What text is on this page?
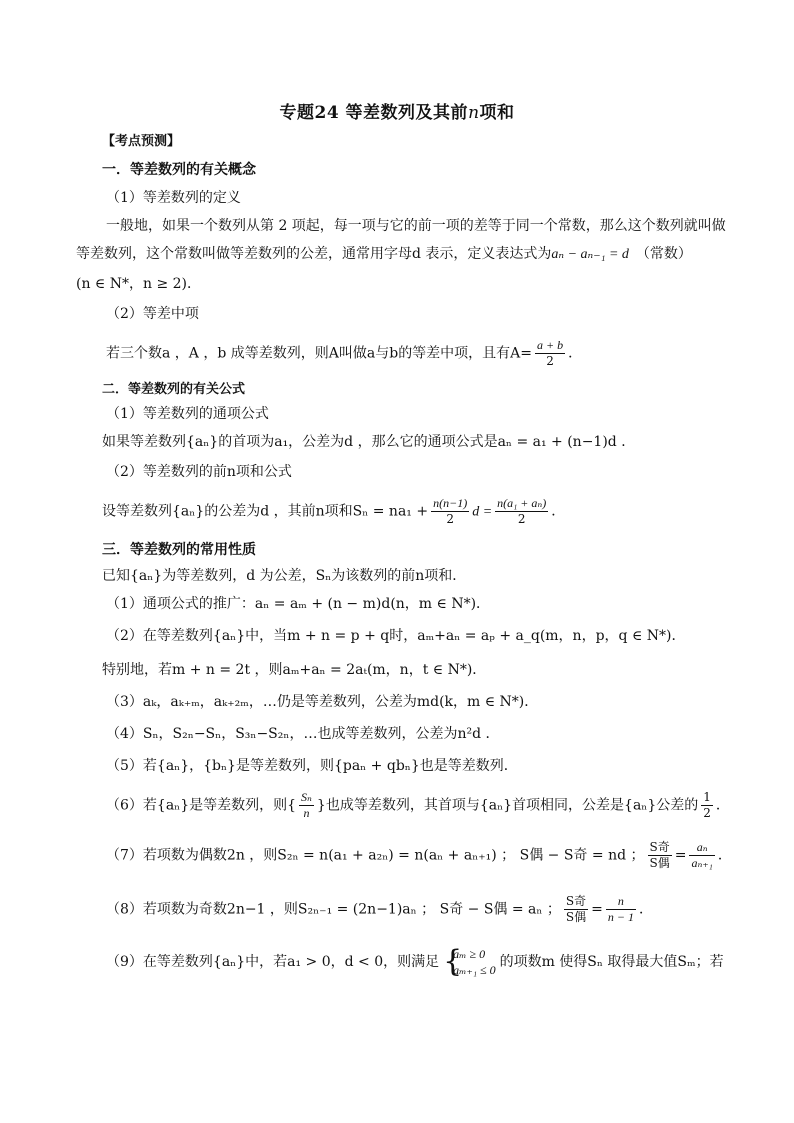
专题24 等差数列及其前n项和
【考点预测】
一．等差数列的有关概念
（1）等差数列的定义
一般地，如果一个数列从第 2 项起，每一项与它的前一项的差等于同一个常数，那么这个数列就叫做
等差数列，这个常数叫做等差数列的公差，通常用字母d 表示，定义表达式为aₙ − aₙ₋₁ = d　 （常数）
(n ∈ N*，n ≥ 2)．
（2）等差中项
若三个数a ，A ，b 成等差数列，则A叫做a与b的等差中项，且有$A= \frac{a + b}{2}$ ．
二．等差数列的有关公式
（1）等差数列的通项公式
如果等差数列{aₙ}的首项为a₁，公差为d ，那么它的通项公式是aₙ = a₁ + (n−1)d ．
（2）等差数列的前n项和公式
设等差数列{aₙ}的公差为d ，其前n项和$S_n = na_1 + \frac{n(n-1)}{2}$ $d = \frac{\text{n(a₁ + aₙ)}}{2}$ ．
三．等差数列的常用性质
已知{aₙ}为等差数列，d 为公差，Sₙ为该数列的前n项和．
（1）通项公式的推广：aₙ = aₘ + (n − m)d(n，m ∈ N*)．
（2）在等差数列{aₙ}中，当m + n = p + q时，aₘ+aₙ = aₚ + a_q(m，n，p，q ∈ N*)．
特别地，若m + n = 2t ，则aₘ+aₙ = 2aₜ(m，n，t ∈ N*)．
（3）aₖ，aₖ₊ₘ，aₖ₊₂ₘ，…仍是等差数列，公差为md(k，m ∈ N*)．
（4）Sₙ，S₂ₙ−Sₙ，S₃ₙ−S₂ₙ，…也成等差数列，公差为n²d ．
（5）若{aₙ}，{bₙ}是等差数列，则{paₙ + qbₙ}也是等差数列．
（6）若{aₙ}是等差数列，则{ $\frac{\text{Sₙ}}{n}$ }也成等差数列，其首项与{aₙ}首项相同，公差是{aₙ}公差的 $\frac{1}{2}$ ．
（7）若项数为偶数2n ，则S₂ₙ = n(a₁ + a₂ₙ) = n(aₙ + aₙ₊₁) ； S偶 − S奇 = nd ； $\frac{\text{S奇}}{\text{S偶}} = \frac{\text{aₙ}}{\text{aₙ₊₁}}$ ．
（8）若项数为奇数2n−1 ，则S₂ₙ₋₁ = (2n−1)aₙ ； S奇 − S偶 = aₙ ； $\frac{\text{S奇}}{\text{S偶}} = \frac{n}{n - 1}$ ．
（9）在等差数列{aₙ}中，若a₁ > 0，d < 0，则满足 {
aₘ ≥ 0
aₘ₊₁ ≤ 0 的项数m 使得Sₙ 取得最大值Sₘ；若
